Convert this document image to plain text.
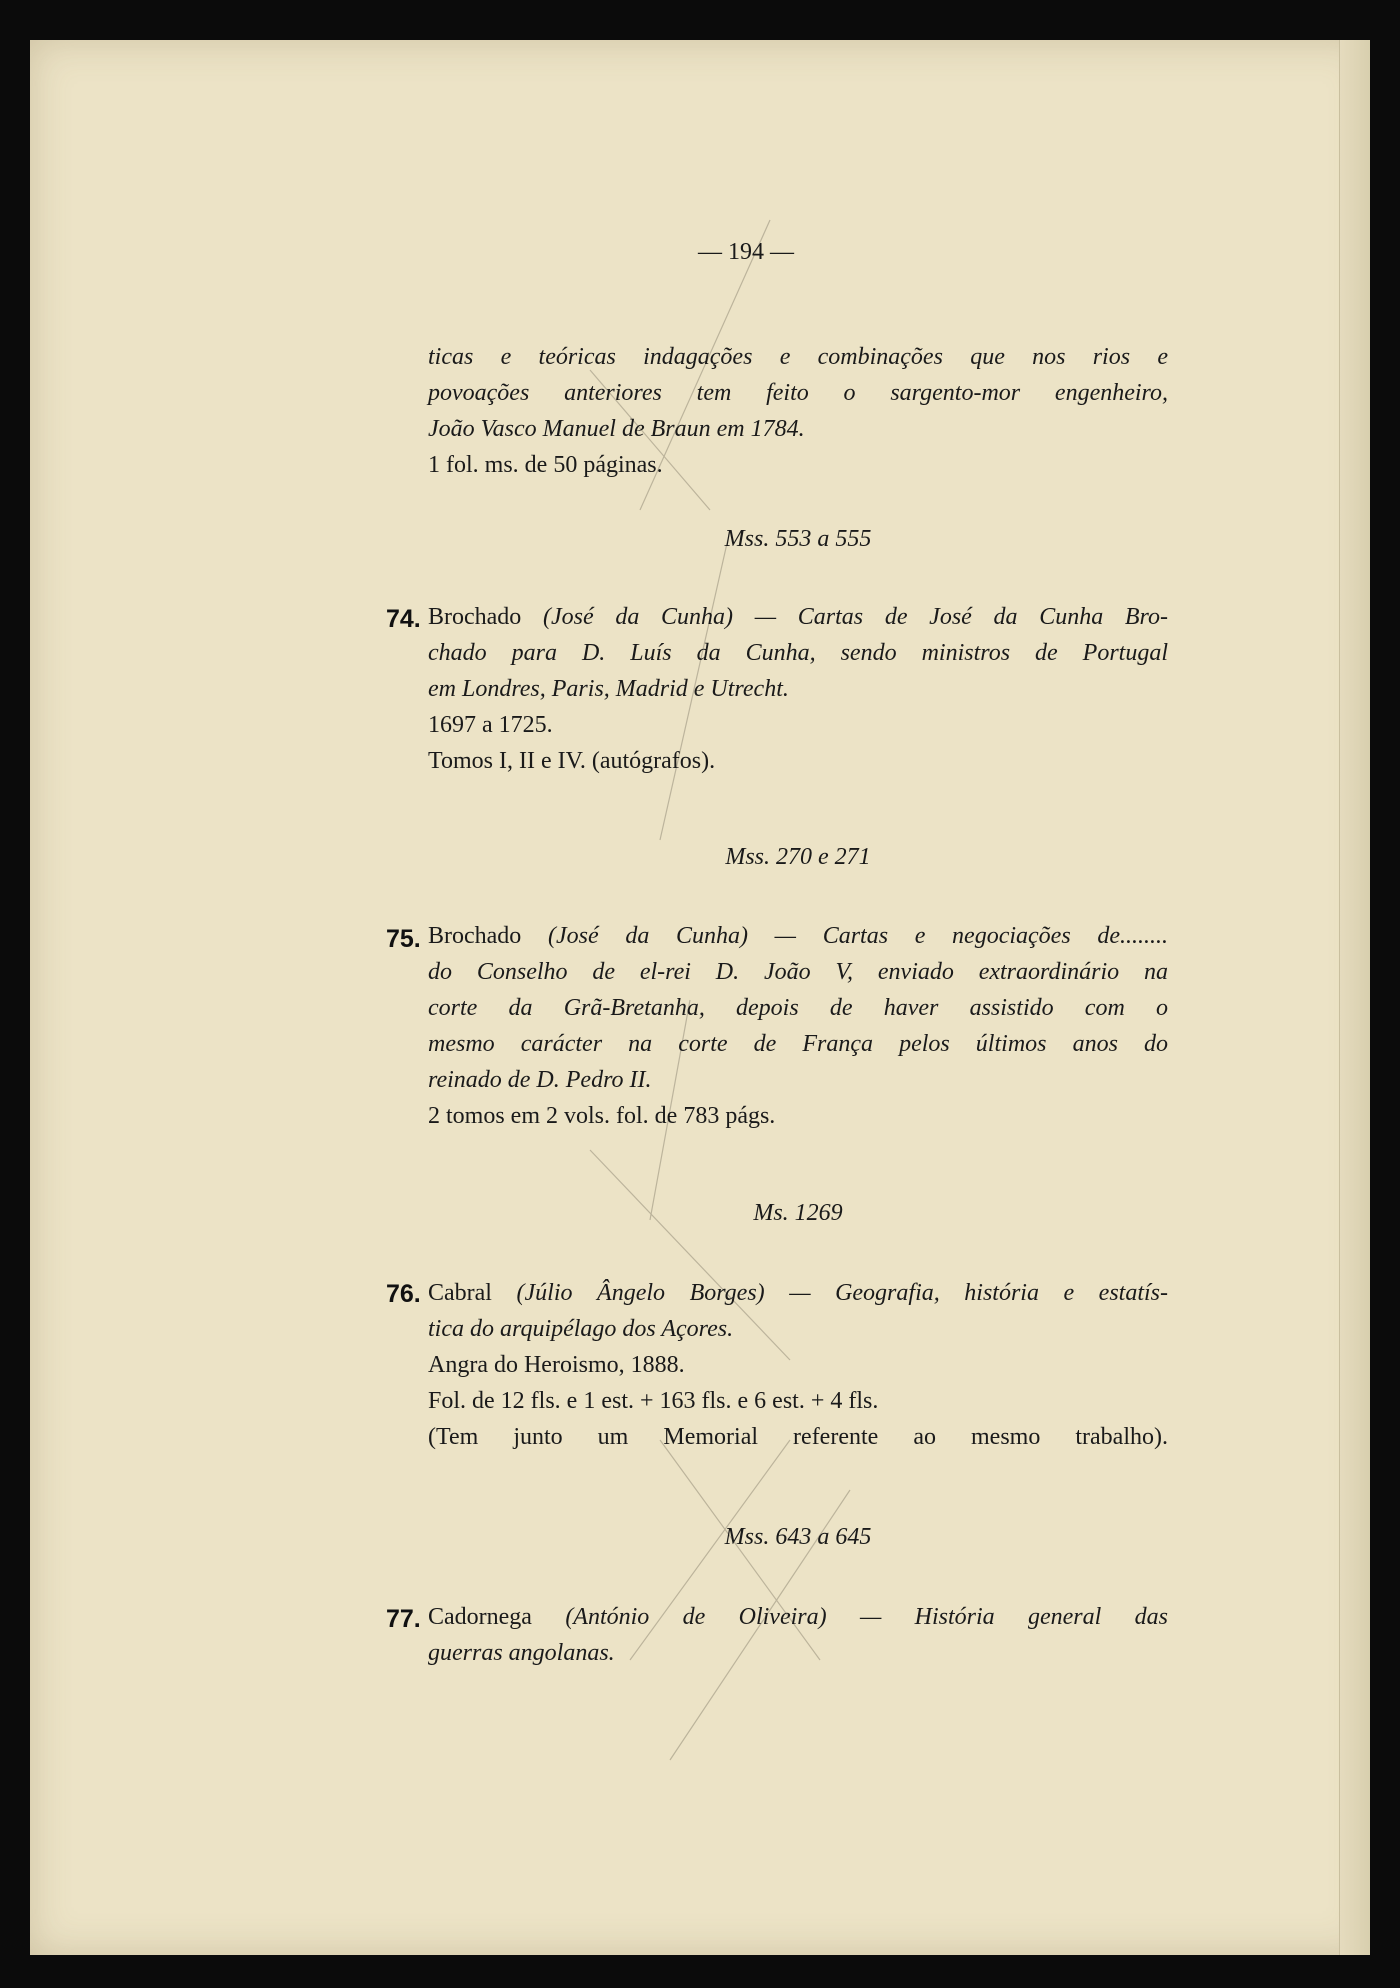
— 194 —
ticas e teóricas indagações e combinações que nos rios e
povoações anteriores tem feito o sargento-mor engenheiro,
João Vasco Manuel de Braun em 1784.
1 fol. ms. de 50 páginas.
Mss. 553 a 555
74. Brochado (José da Cunha) — Cartas de José da Cunha Bro-
chado para D. Luís da Cunha, sendo ministros de Portugal
em Londres, Paris, Madrid e Utrecht.
1697 a 1725.
Tomos I, II e IV. (autógrafos).
Mss. 270 e 271
75. Brochado (José da Cunha) — Cartas e negociações de........
do Conselho de el-rei D. João V, enviado extraordinário na
corte da Grã-Bretanha, depois de haver assistido com o
mesmo carácter na corte de França pelos últimos anos do
reinado de D. Pedro II.
2 tomos em 2 vols. fol. de 783 págs.
Ms. 1269
76. Cabral (Júlio Ângelo Borges) — Geografia, história e estatís-
tica do arquipélago dos Açores.
Angra do Heroismo, 1888.
Fol. de 12 fls. e 1 est. + 163 fls. e 6 est. + 4 fls.
(Tem junto um Memorial referente ao mesmo trabalho).
Mss. 643 a 645
77. Cadornega (António de Oliveira) — História general das
guerras angolanas.
